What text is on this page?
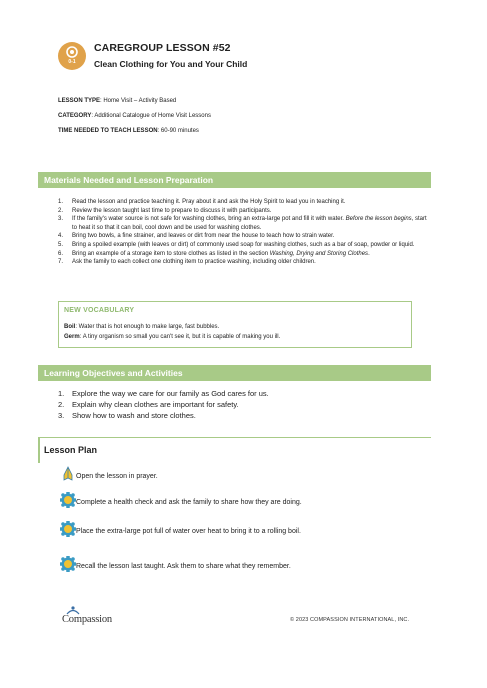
0-1
CAREGROUP LESSON #52
Clean Clothing for You and Your Child
LESSON TYPE: Home Visit – Activity Based
CATEGORY: Additional Catalogue of Home Visit Lessons
TIME NEEDED TO TEACH LESSON: 60-90 minutes
Materials Needed and Lesson Preparation
1. Read the lesson and practice teaching it. Pray about it and ask the Holy Spirit to lead you in teaching it.
2. Review the lesson taught last time to prepare to discuss it with participants.
3. If the family's water source is not safe for washing clothes, bring an extra-large pot and fill it with water. Before the lesson begins, start to heat it so that it can boil, cool down and be used for washing clothes.
4. Bring two bowls, a fine strainer, and leaves or dirt from near the house to teach how to strain water.
5. Bring a spoiled example (with leaves or dirt) of commonly used soap for washing clothes, such as a bar of soap, powder or liquid.
6. Bring an example of a storage item to store clothes as listed in the section Washing, Drying and Storing Clothes.
7. Ask the family to each collect one clothing item to practice washing, including older children.
NEW VOCABULARY
Boil: Water that is hot enough to make large, fast bubbles.
Germ: A tiny organism so small you can't see it, but it is capable of making you ill.
Learning Objectives and Activities
1. Explore the way we care for our family as God cares for us.
2. Explain why clean clothes are important for safety.
3. Show how to wash and store clothes.
Lesson Plan
Open the lesson in prayer.
Complete a health check and ask the family to share how they are doing.
Place the extra-large pot full of water over heat to bring it to a rolling boil.
Recall the lesson last taught. Ask them to share what they remember.
Compassion	© 2023 COMPASSION INTERNATIONAL, INC.
